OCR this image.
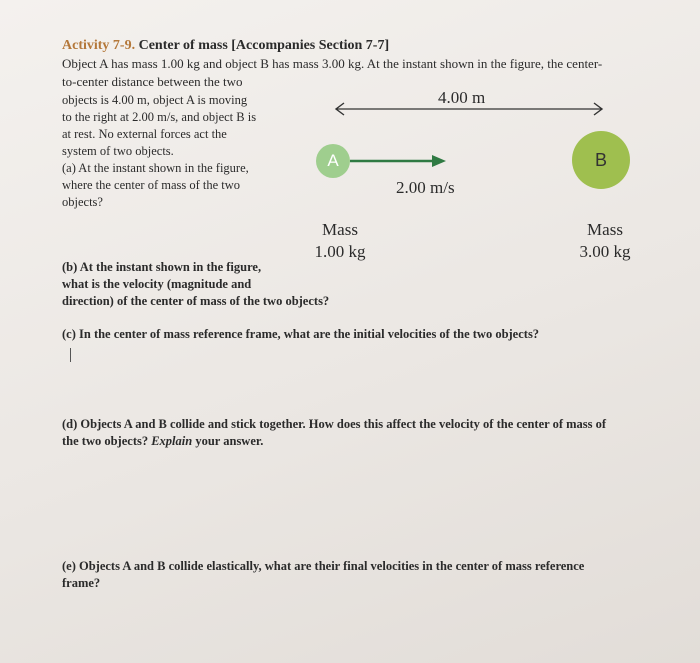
Activity 7-9. Center of mass [Accompanies Section 7-7]
Object A has mass 1.00 kg and object B has mass 3.00 kg. At the instant shown in the figure, the center-
to-center distance between the two
objects is 4.00 m, object A is moving
to the right at 2.00 m/s, and object B is
at rest. No external forces act the
system of two objects.
(a) At the instant shown in the figure,
where the center of mass of the two
objects?
4.00 m
A	B
2.00 m/s
Mass
1.00 kg
Mass
3.00 kg
(b) At the instant shown in the figure,
what is the velocity (magnitude and
direction) of the center of mass of the two objects?
(c) In the center of mass reference frame, what are the initial velocities of the two objects?
(d) Objects A and B collide and stick together. How does this affect the velocity of the center of mass of
the two objects? Explain your answer.
(e) Objects A and B collide elastically, what are their final velocities in the center of mass reference
frame?
